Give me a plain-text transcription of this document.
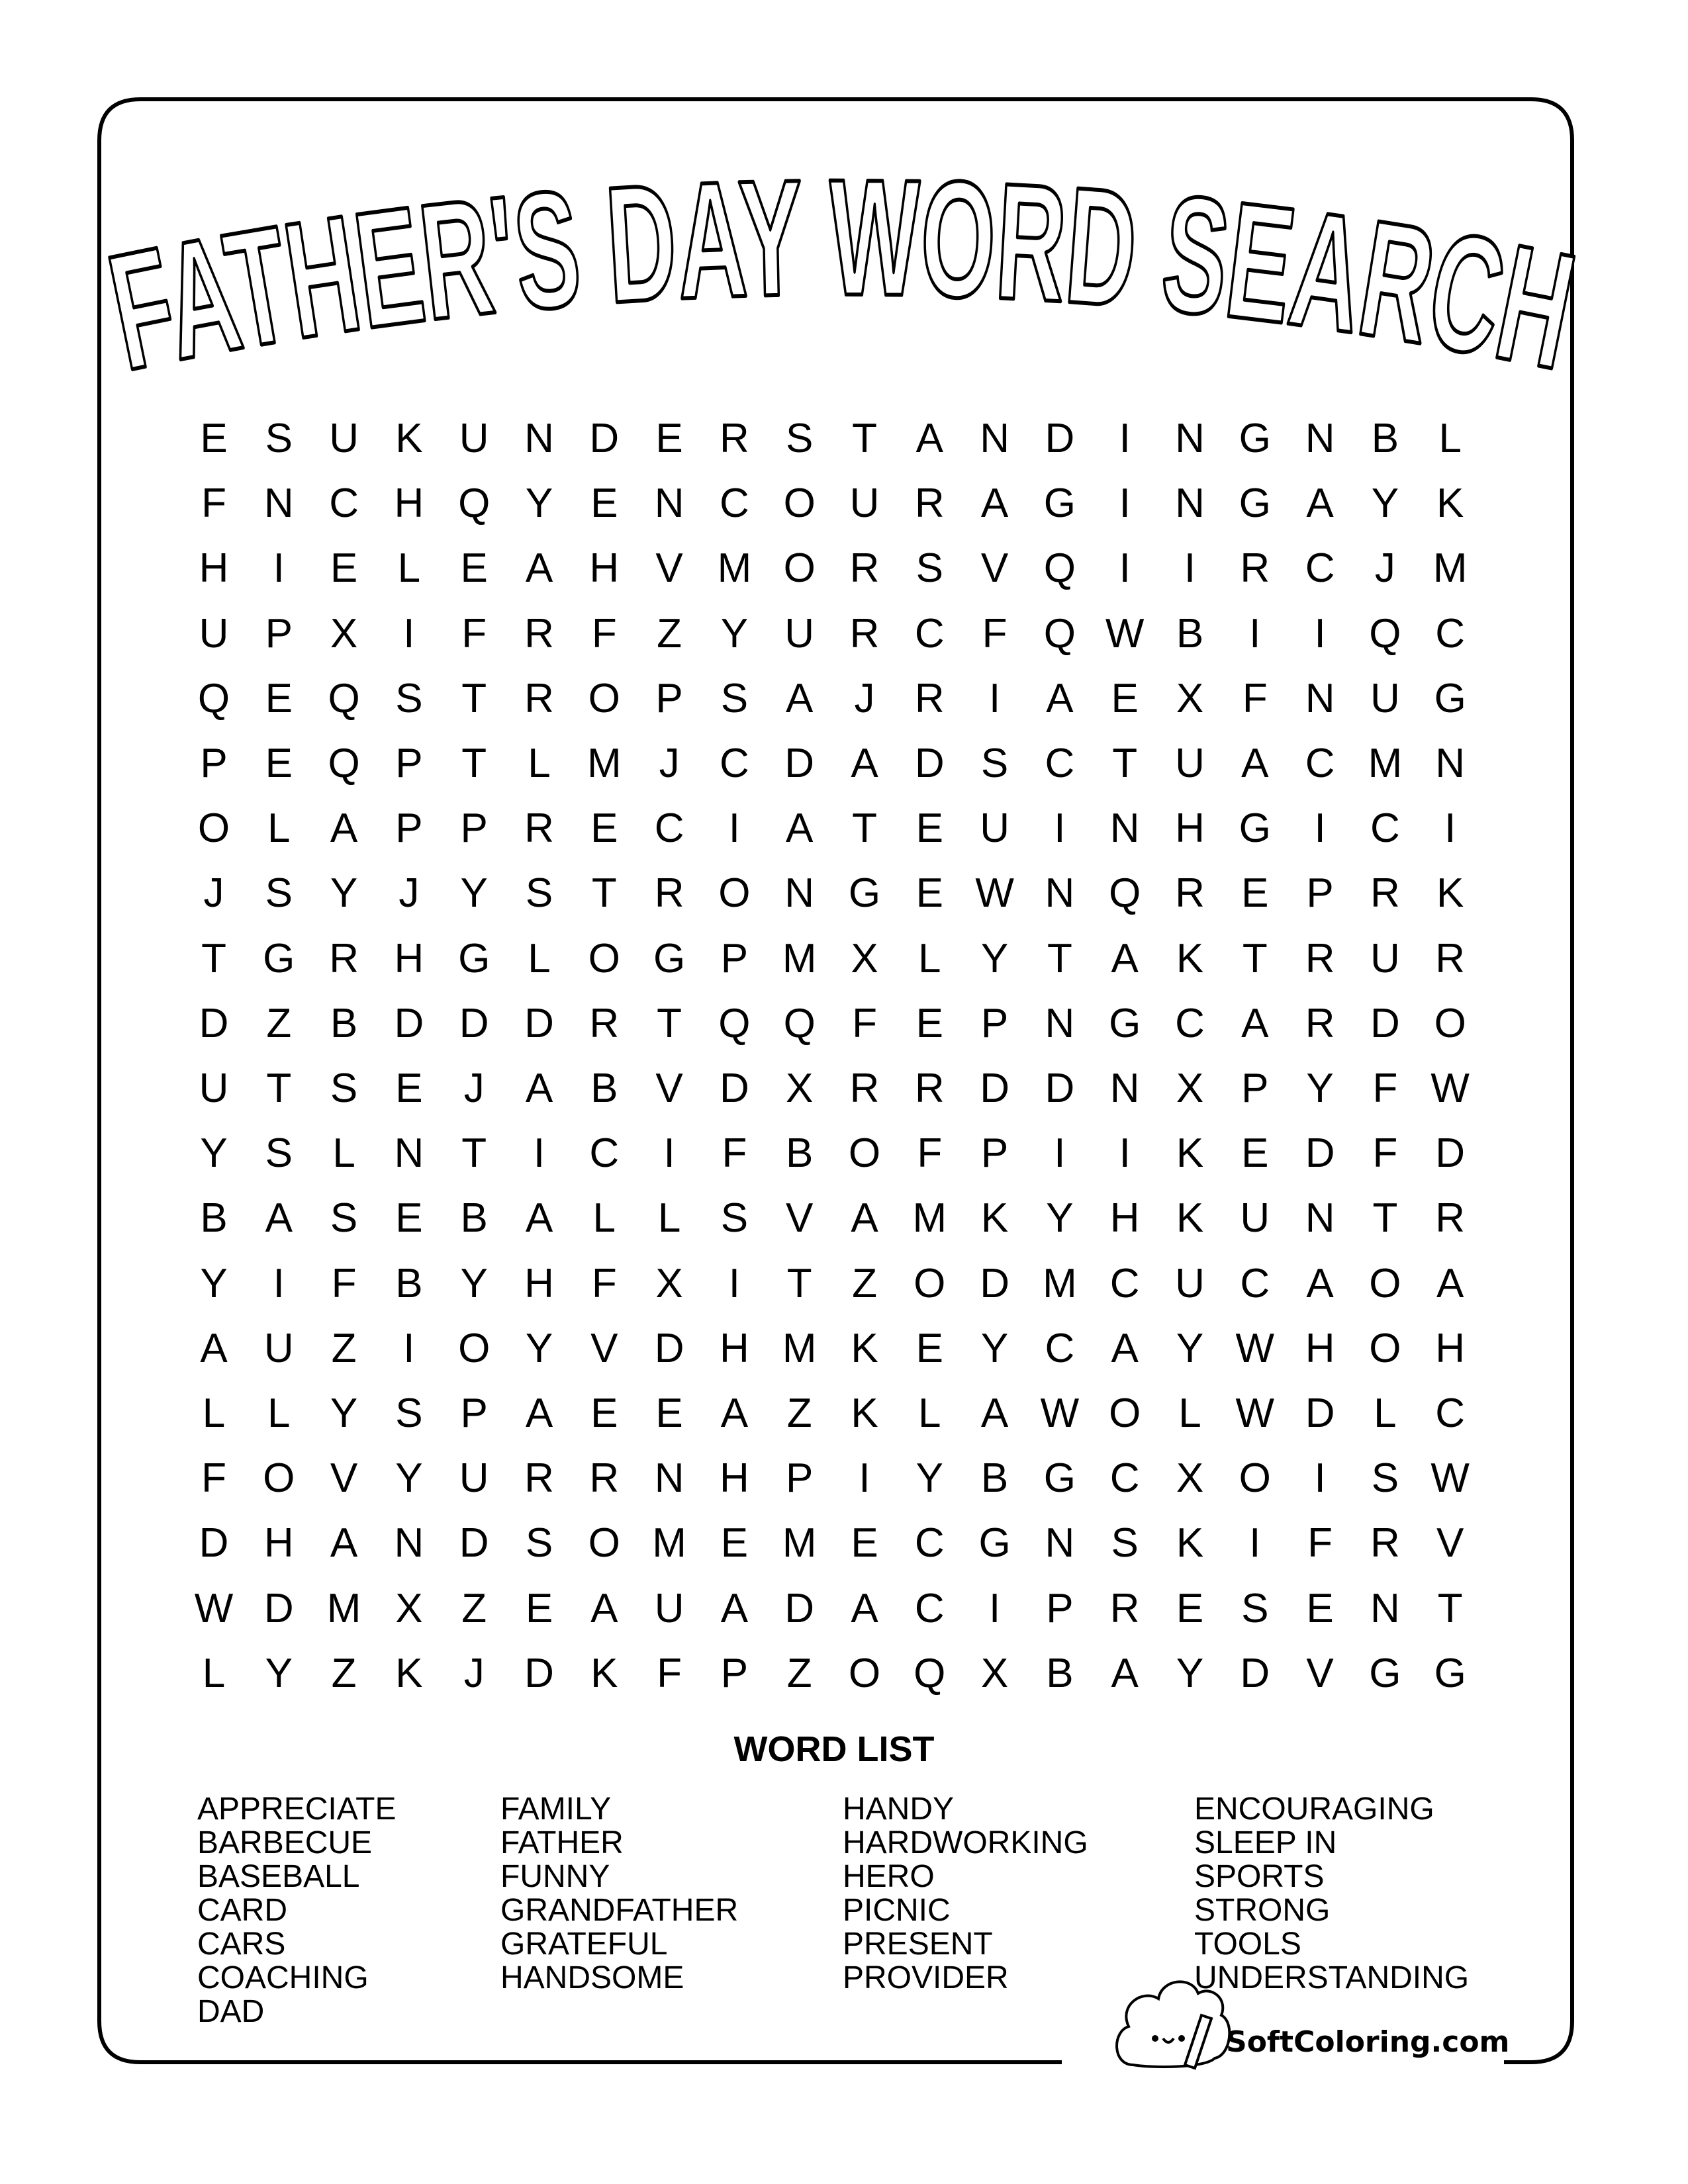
FATHER'S DAY WORD SEARCH
E S U K U N D E R S T A N D	I	N G N B L
F N C H Q Y E N C O U R A G	I	N G A Y K
H	I	E L E A H V M O R S V Q	I	I	R C J M
U P X	I	F R F Z Y U R C F Q W B	I	I	Q C
Q E Q S T R O P S A	J R	I	A E X F N U G
P E Q P T	L M J C D A D S C T U A C M N
O L A P P R E C	I	A T E U	I	N H G	I	C	I
J	S Y	J	Y S T R O N G E W N Q R E P R K
T G R H G L O G P M X L Y T A K T R U R
D Z B D D D R T Q Q F E P N G C A R D O
U T S E	J	A B V D X R R D D N X P Y F W
Y S L N T	I	C	I	F B O F P	I	I	K E D F D
B A S E B A L	L S V A M K Y H K U N T R
Y	I	F B Y H F X	I	T Z O D M C U C A O A
A U Z	I	O Y V D H M K E Y C A Y W H O H
L	L Y S P A E E A Z K L A W O L W D L C
F O V Y U R R N H P	I	Y B G C X O	I	S W
D H A N D S O M E M E C G N S K	I	F R V
W D M X Z E A U A D A C	I	P R E S E N T
L Y Z K	J D K F P Z O Q X B A Y D V G G
WORD LIST
APPRECIATE
BARBECUE
BASEBALL
CARD
CARS
COACHING
DAD
FAMILY
FATHER
FUNNY
GRANDFATHER
GRATEFUL
HANDSOME
HANDY
HARDWORKING
HERO
PICNIC
PRESENT
PROVIDER
ENCOURAGING
SLEEP IN
SPORTS
STRONG
TOOLS
UNDERSTANDING
SoftColoring.com
